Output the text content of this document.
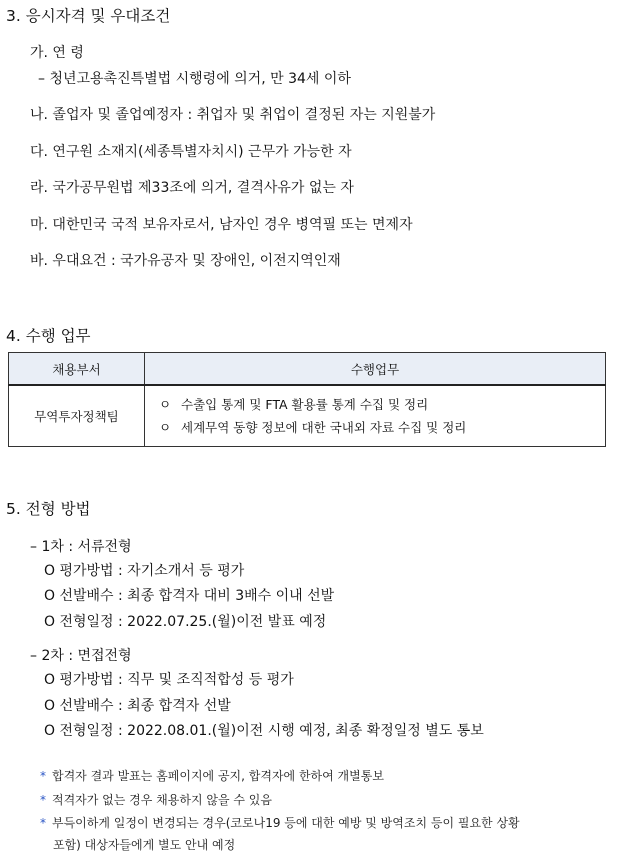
3. 응시자격 및 우대조건
가. 연 령
– 청년고용촉진특별법 시행령에 의거, 만 34세 이하
나. 졸업자 및 졸업예정자 : 취업자 및 취업이 결정된 자는 지원불가
다. 연구원 소재지(세종특별자치시) 근무가 가능한 자
라. 국가공무원법 제33조에 의거, 결격사유가 없는 자
마. 대한민국 국적 보유자로서, 남자인 경우 병역필 또는 면제자
바. 우대요건 : 국가유공자 및 장애인, 이전지역인재
4. 수행 업무
채용부서	수행업무
무역투자정책팀	ㅇ 수출입 통계 및 FTA 활용률 통계 수집 및 정리
ㅇ 세계무역 동향 정보에 대한 국내외 자료 수집 및 정리
5. 전형 방법
– 1차 : 서류전형
O 평가방법 : 자기소개서 등 평가
O 선발배수 : 최종 합격자 대비 3배수 이내 선발
O 전형일정 : 2022.07.25.(월)이전 발표 예정
– 2차 : 면접전형
O 평가방법 : 직무 및 조직적합성 등 평가
O 선발배수 : 최종 합격자 선발
O 전형일정 : 2022.08.01.(월)이전 시행 예정, 최종 확정일정 별도 통보
* 합격자 결과 발표는 홈페이지에 공지, 합격자에 한하여 개별통보
* 적격자가 없는 경우 채용하지 않을 수 있음
* 부득이하게 일정이 변경되는 경우(코로나19 등에 대한 예방 및 방역조치 등이 필요한 상황
포함) 대상자들에게 별도 안내 예정
